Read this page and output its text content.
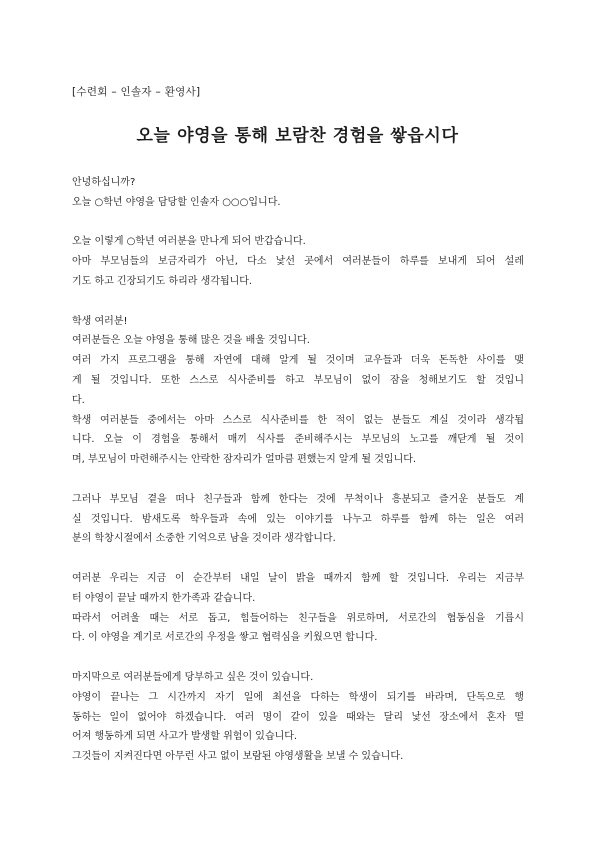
[수련회 – 인솔자 – 환영사]
오늘 야영을 통해 보람찬 경험을 쌓읍시다
안녕하십니까?
오늘 ○학년 야영을 담당할 인솔자 ○○○입니다.
오늘 이렇게 ○학년 여러분을 만나게 되어 반갑습니다.
아마 부모님들의 보금자리가 아닌, 다소 낯선 곳에서 여러분들이 하루를 보내게 되어 설레
기도 하고 긴장되기도 하리라 생각됩니다.
학생 여러분!
여러분들은 오늘 야영을 통해 많은 것을 배울 것입니다.
여러 가지 프로그램을 통해 자연에 대해 알게 될 것이며 교우들과 더욱 돈독한 사이를 맺
게 될 것입니다. 또한 스스로 식사준비를 하고 부모님이 없이 잠을 청해보기도 할 것입니
다.
학생 여러분들 중에서는 아마 스스로 식사준비를 한 적이 없는 분들도 계실 것이라 생각됩
니다. 오늘 이 경험을 통해서 매끼 식사를 준비해주시는 부모님의 노고를 깨닫게 될 것이
며, 부모님이 마련해주시는 안락한 잠자리가 얼마큼 편했는지 알게 될 것입니다.
그러나 부모님 곁을 떠나 친구들과 함께 한다는 것에 무척이나 흥분되고 즐거운 분들도 계
실 것입니다. 밤새도록 학우들과 속에 있는 이야기를 나누고 하루를 함께 하는 일은 여러
분의 학창시절에서 소중한 기억으로 남을 것이라 생각합니다.
여러분 우리는 지금 이 순간부터 내일 날이 밝을 때까지 함께 할 것입니다. 우리는 지금부
터 야영이 끝날 때까지 한가족과 같습니다.
따라서 어려울 때는 서로 돕고, 힘들어하는 친구들을 위로하며, 서로간의 협동심을 기릅시
다. 이 야영을 계기로 서로간의 우정을 쌓고 협력심을 키웠으면 합니다.
마지막으로 여러분들에게 당부하고 싶은 것이 있습니다.
야영이 끝나는 그 시간까지 자기 일에 최선을 다하는 학생이 되기를 바라며, 단독으로 행
동하는 일이 없어야 하겠습니다. 여러 명이 같이 있을 때와는 달리 낯선 장소에서 혼자 떨
어져 행동하게 되면 사고가 발생할 위험이 있습니다.
그것들이 지켜진다면 아무런 사고 없이 보람된 야영생활을 보낼 수 있습니다.
